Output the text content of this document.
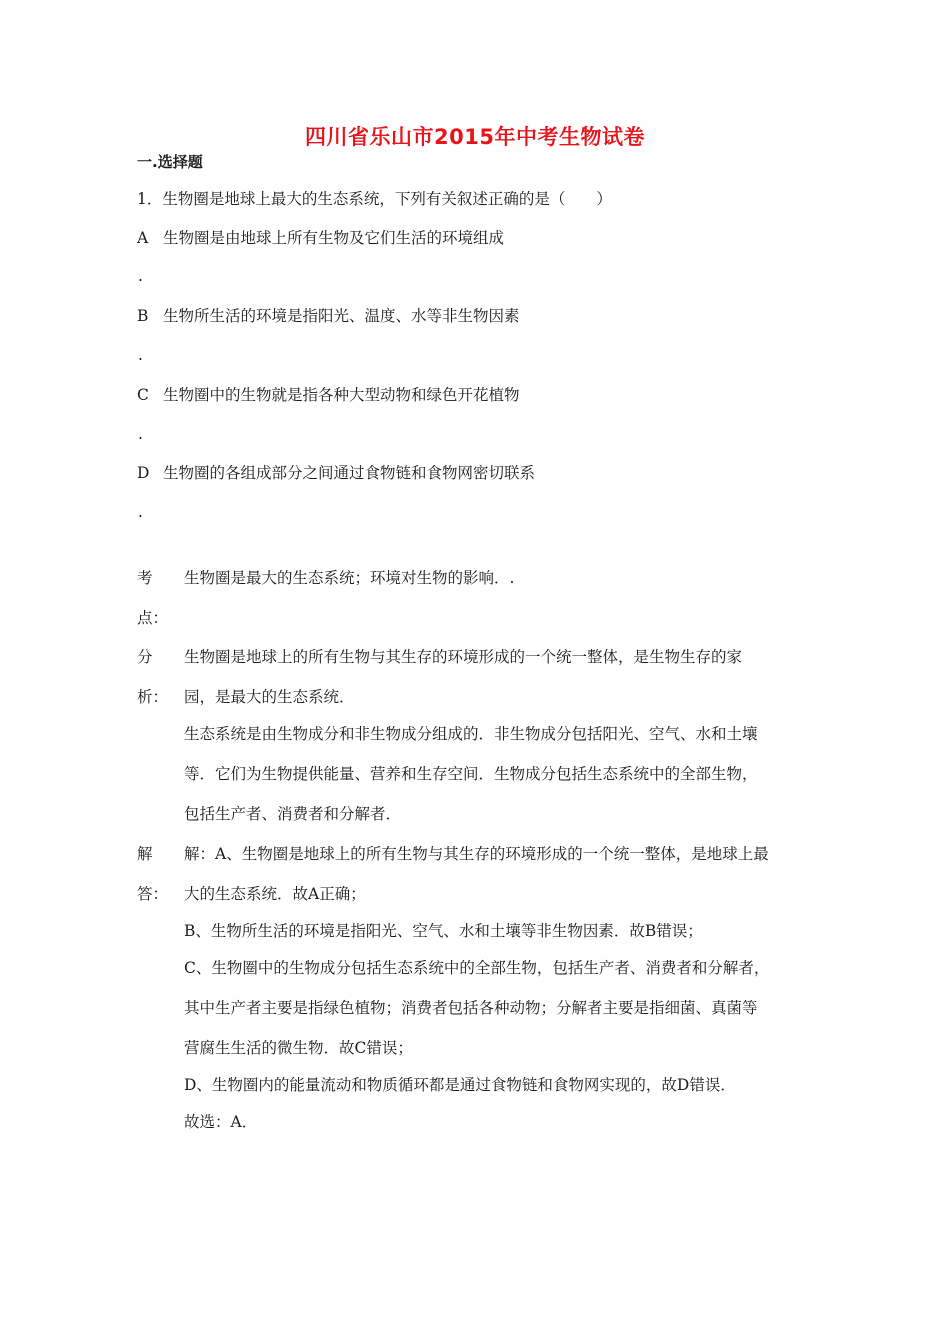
四川省乐山市2015年中考生物试卷
一.选择题
1．生物圈是地球上最大的生态系统，下列有关叙述正确的是（　　）
A 生物圈是由地球上所有生物及它们生活的环境组成
.
B 生物所生活的环境是指阳光、温度、水等非生物因素
.
C 生物圈中的生物就是指各种大型动物和绿色开花植物
.
D 生物圈的各组成部分之间通过食物链和食物网密切联系
.
考
点：
生物圈是最大的生态系统；环境对生物的影响．.
分
析：
生物圈是地球上的所有生物与其生存的环境形成的一个统一整体，是生物生存的家
园，是最大的生态系统．
生态系统是由生物成分和非生物成分组成的．非生物成分包括阳光、空气、水和土壤
等．它们为生物提供能量、营养和生存空间．生物成分包括生态系统中的全部生物，
包括生产者、消费者和分解者．
解
答：
解：A、生物圈是地球上的所有生物与其生存的环境形成的一个统一整体，是地球上最
大的生态系统．故A正确；
B、生物所生活的环境是指阳光、空气、水和土壤等非生物因素．故B错误；
C、生物圈中的生物成分包括生态系统中的全部生物，包括生产者、消费者和分解者，
其中生产者主要是指绿色植物；消费者包括各种动物；分解者主要是指细菌、真菌等
营腐生生活的微生物．故C错误；
D、生物圈内的能量流动和物质循环都是通过食物链和食物网实现的，故D错误．
故选：A．
